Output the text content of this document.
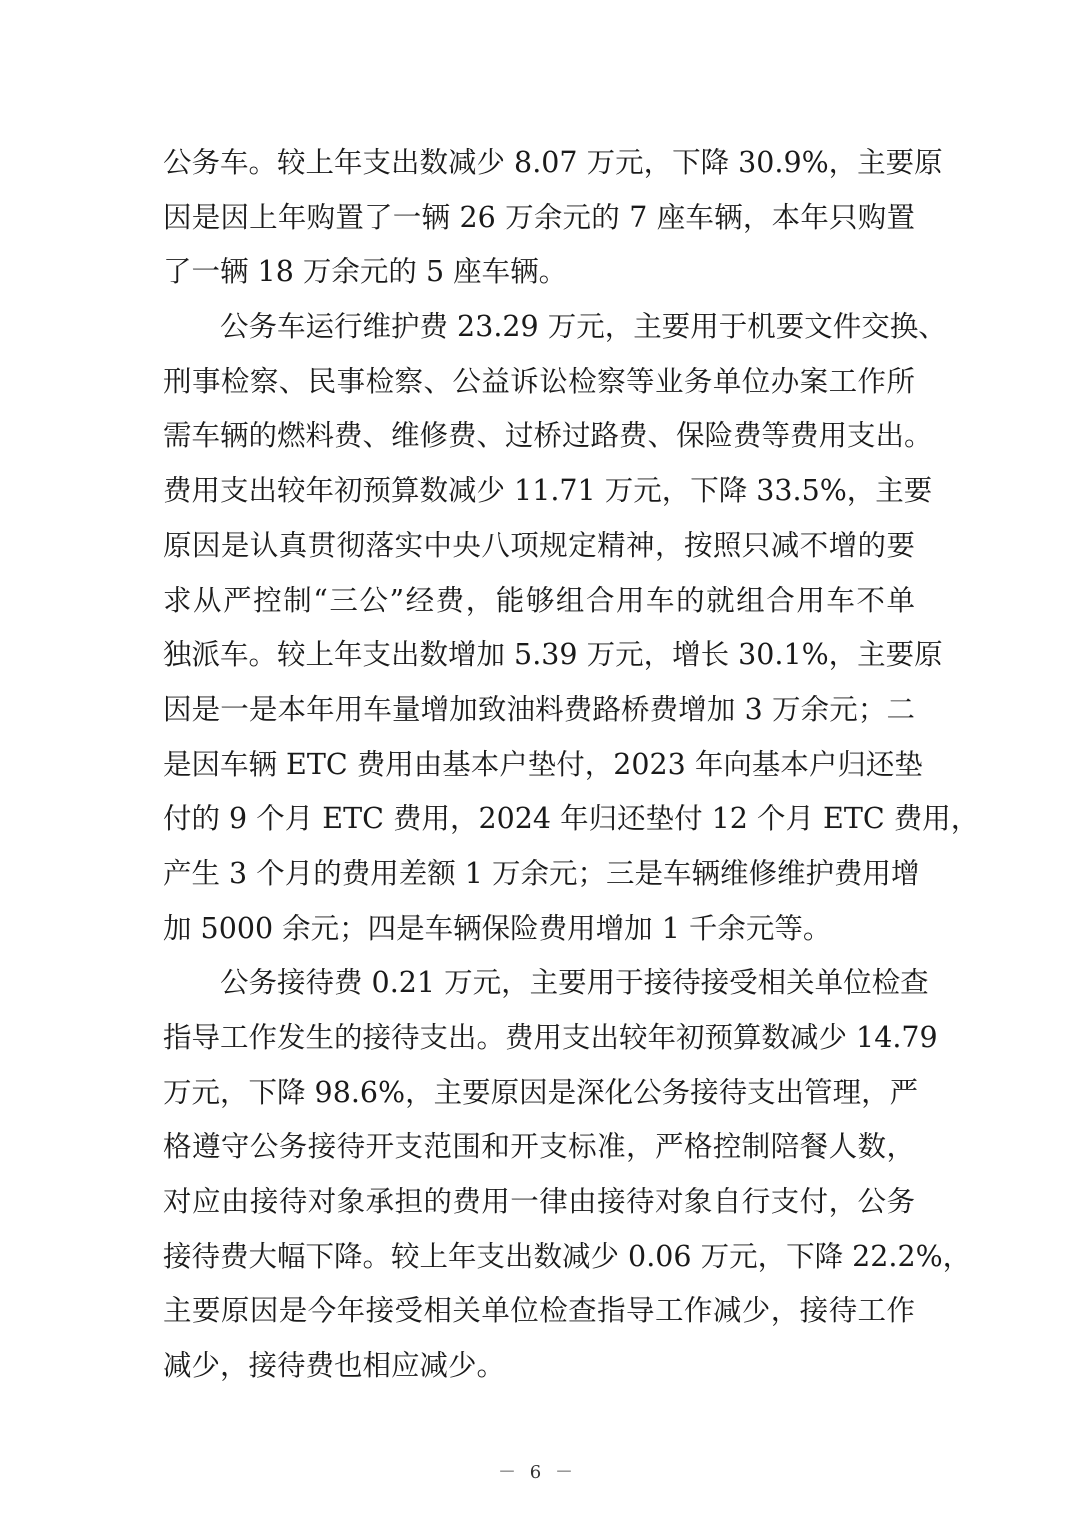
公务车。较上年支出数减少 8.07 万元，下降 30.9%，主要原
因是因上年购置了一辆 26 万余元的 7 座车辆，本年只购置
了一辆 18 万余元的 5 座车辆。
公务车运行维护费 23.29 万元，主要用于机要文件交换、
刑事检察、民事检察、公益诉讼检察等业务单位办案工作所
需车辆的燃料费、维修费、过桥过路费、保险费等费用支出。
费用支出较年初预算数减少 11.71 万元，下降 33.5%，主要
原因是认真贯彻落实中央八项规定精神，按照只减不增的要
求从严控制“三公”经费，能够组合用车的就组合用车不单
独派车。较上年支出数增加 5.39 万元，增长 30.1%，主要原
因是一是本年用车量增加致油料费路桥费增加 3 万余元；二
是因车辆 ETC 费用由基本户垫付，2023 年向基本户归还垫
付的 9 个月 ETC 费用，2024 年归还垫付 12 个月 ETC 费用，
产生 3 个月的费用差额 1 万余元；三是车辆维修维护费用增
加 5000 余元；四是车辆保险费用增加 1 千余元等。
公务接待费 0.21 万元，主要用于接待接受相关单位检查
指导工作发生的接待支出。费用支出较年初预算数减少 14.79
万元，下降 98.6%，主要原因是深化公务接待支出管理，严
格遵守公务接待开支范围和开支标准，严格控制陪餐人数，
对应由接待对象承担的费用一律由接待对象自行支付，公务
接待费大幅下降。较上年支出数减少 0.06 万元，下降 22.2%，
主要原因是今年接受相关单位检查指导工作减少，接待工作
减少，接待费也相应减少。
－ 6 －
